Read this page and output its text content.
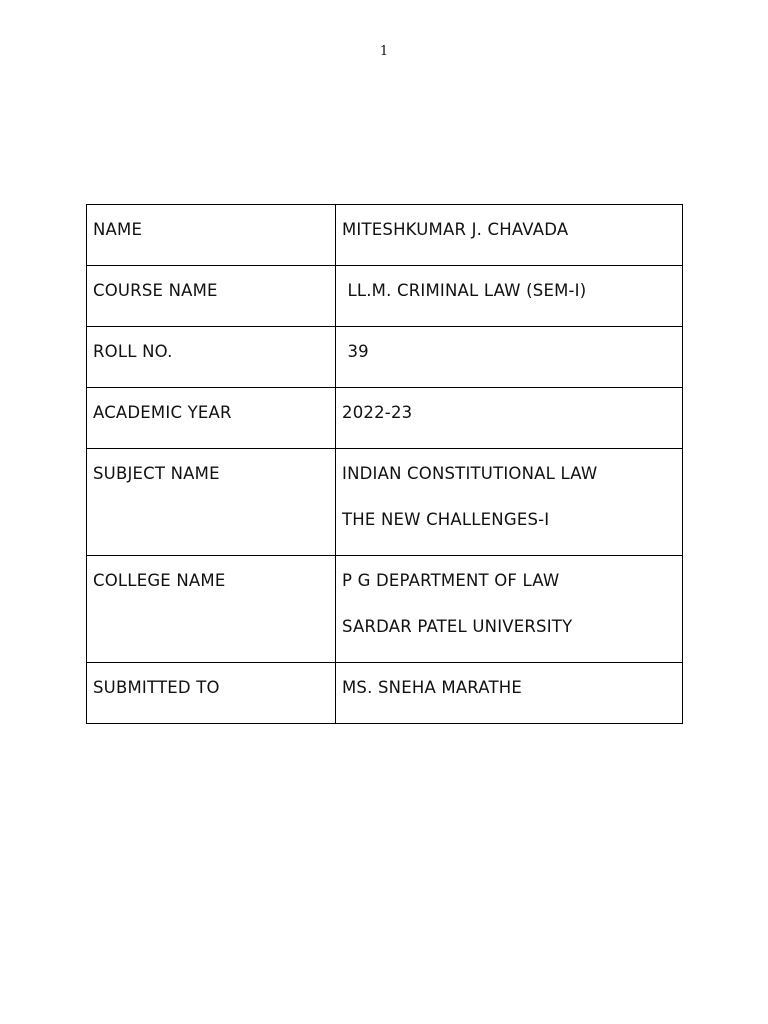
1
NAME	MITESHKUMAR J. CHAVADA
COURSE NAME	LL.M. CRIMINAL LAW (SEM-I)
ROLL NO.	39
ACADEMIC YEAR	2022-23
SUBJECT NAME	INDIAN CONSTITUTIONAL LAW
THE NEW CHALLENGES-I

COLLEGE NAME	P G DEPARTMENT OF LAW
SARDAR PATEL UNIVERSITY

SUBMITTED TO	MS. SNEHA MARATHE
